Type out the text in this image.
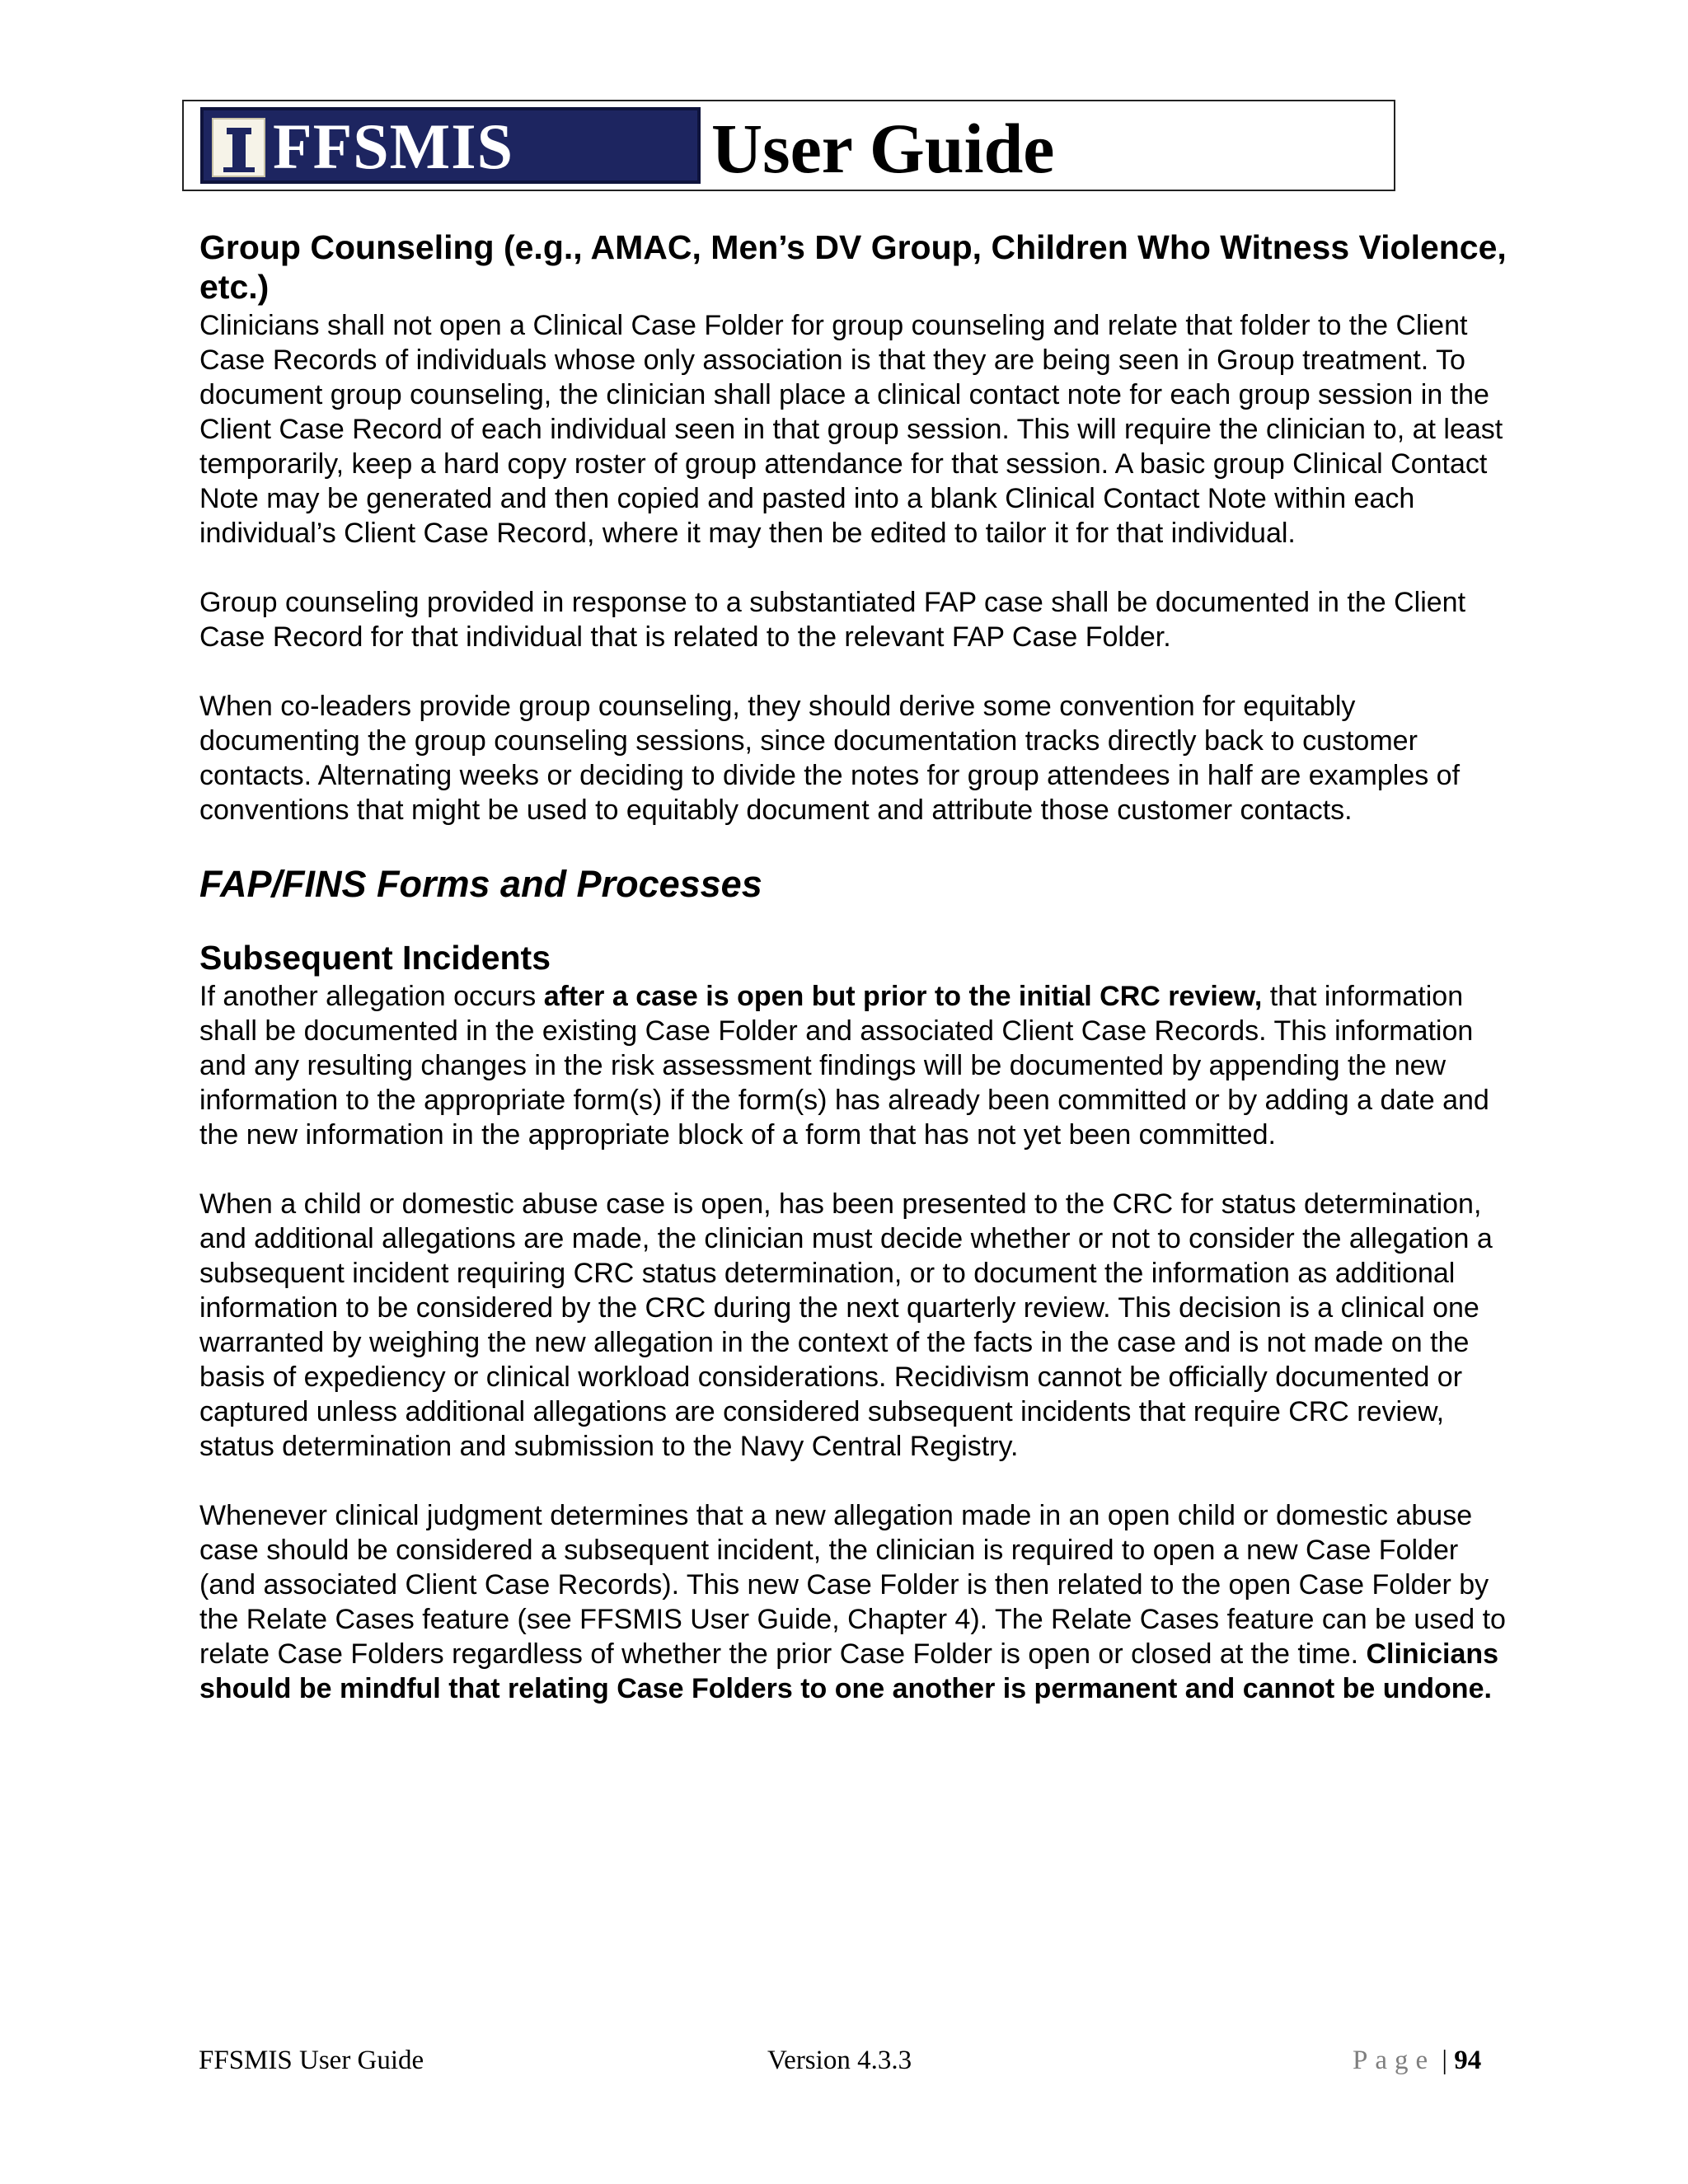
FFSMIS	User Guide
Group Counseling (e.g., AMAC, Men’s DV Group, Children Who Witness Violence, etc.)

Clinicians shall not open a Clinical Case Folder for group counseling and relate that folder to the Client Case Records of individuals whose only association is that they are being seen in Group treatment. To document group counseling, the clinician shall place a clinical contact note for each group session in the Client Case Record of each individual seen in that group session. This will require the clinician to, at least temporarily, keep a hard copy roster of group attendance for that session. A basic group Clinical Contact Note may be generated and then copied and pasted into a blank Clinical Contact Note within each individual’s Client Case Record, where it may then be edited to tailor it for that individual.

Group counseling provided in response to a substantiated FAP case shall be documented in the Client Case Record for that individual that is related to the relevant FAP Case Folder.

When co-leaders provide group counseling, they should derive some convention for equitably documenting the group counseling sessions, since documentation tracks directly back to customer contacts. Alternating weeks or deciding to divide the notes for group attendees in half are examples of conventions that might be used to equitably document and attribute those customer contacts.

FAP/FINS Forms and Processes
Subsequent Incidents

If another allegation occurs after a case is open but prior to the initial CRC review, that information shall be documented in the existing Case Folder and associated Client Case Records. This information and any resulting changes in the risk assessment findings will be documented by appending the new information to the appropriate form(s) if the form(s) has already been committed or by adding a date and the new information in the appropriate block of a form that has not yet been committed.

When a child or domestic abuse case is open, has been presented to the CRC for status determination, and additional allegations are made, the clinician must decide whether or not to consider the allegation a subsequent incident requiring CRC status determination, or to document the information as additional information to be considered by the CRC during the next quarterly review. This decision is a clinical one warranted by weighing the new allegation in the context of the facts in the case and is not made on the basis of expediency or clinical workload considerations. Recidivism cannot be officially documented or captured unless additional allegations are considered subsequent incidents that require CRC review, status determination and submission to the Navy Central Registry.

Whenever clinical judgment determines that a new allegation made in an open child or domestic abuse case should be considered a subsequent incident, the clinician is required to open a new Case Folder (and associated Client Case Records). This new Case Folder is then related to the open Case Folder by the Relate Cases feature (see FFSMIS User Guide, Chapter 4). The Relate Cases feature can be used to relate Case Folders regardless of whether the prior Case Folder is open or closed at the time. Clinicians should be mindful that relating Case Folders to one another is permanent and cannot be undone.

FFSMIS User Guide	Version 4.3.3	Page | 94
